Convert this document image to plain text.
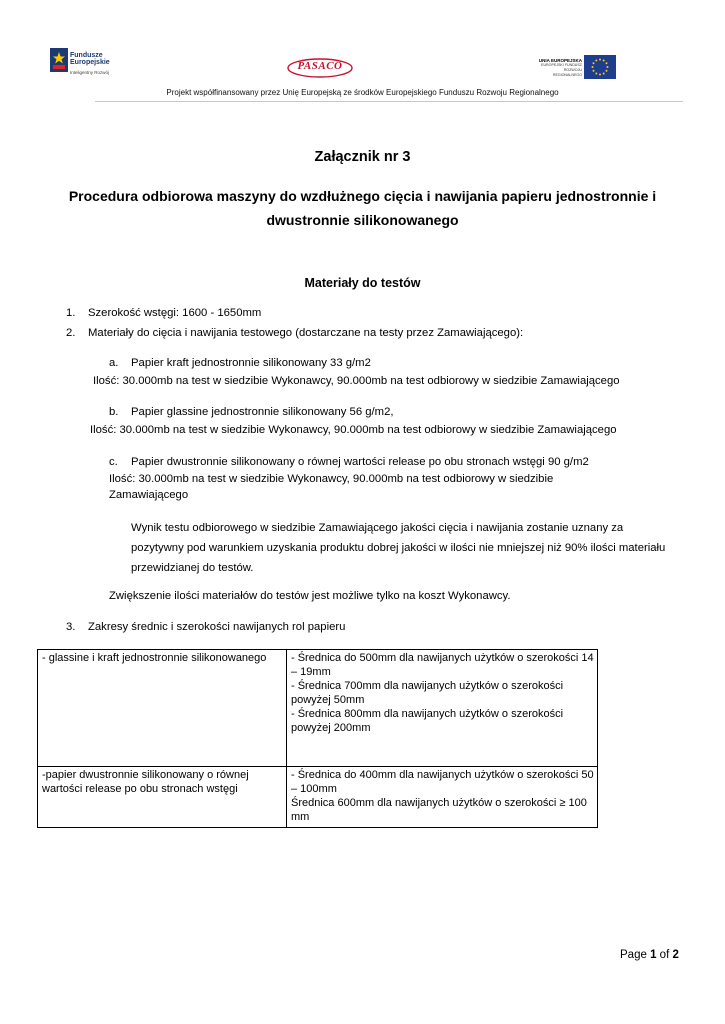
Fundusze
Europejskie
Inteligentny Rozwój
PASACO	UNIA EUROPEJSKA
EUROPEJSKI FUNDUSZ
ROZWOJU REGIONALNEGO
Projekt współfinansowany przez Unię Europejską ze środków Europejskiego Funduszu Rozwoju Regionalnego
Załącznik nr 3
Procedura odbiorowa maszyny do wzdłużnego cięcia i nawijania papieru jednostronnie i dwustronnie silikonowanego
Materiały do testów
1. Szerokość wstęgi: 1600 - 1650mm
2. Materiały do cięcia i nawijania testowego (dostarczane na testy przez Zamawiającego):
a. Papier kraft jednostronnie silikonowany 33 g/m2
Ilość: 30.000mb na test w siedzibie Wykonawcy, 90.000mb na test odbiorowy w siedzibie Zamawiającego
b. Papier glassine jednostronnie silikonowany 56 g/m2,
Ilość: 30.000mb na test w siedzibie Wykonawcy, 90.000mb na test odbiorowy w siedzibie Zamawiającego
c. Papier dwustronnie silikonowany o równej wartości release po obu stronach wstęgi 90 g/m2
Ilość: 30.000mb na test w siedzibie Wykonawcy, 90.000mb na test odbiorowy w siedzibie
Zamawiającego
Wynik testu odbiorowego w siedzibie Zamawiającego jakości cięcia i nawijania zostanie uznany za pozytywny pod warunkiem uzyskania produktu dobrej jakości w ilości nie mniejszej niż 90% ilości materiału przewidzianej do testów.
Zwiększenie ilości materiałów do testów jest możliwe tylko na koszt Wykonawcy.
3. Zakresy średnic i szerokości nawijanych rol papieru
- glassine i kraft jednostronnie silikonowanego	- Średnica do 500mm dla nawijanych użytków o szerokości 14 – 19mm
- Średnica 700mm dla nawijanych użytków o szerokości powyżej 50mm
- Średnica 800mm dla nawijanych użytków o szerokości powyżej 200mm

-papier dwustronnie silikonowany o równej wartości release po obu stronach wstęgi	- Średnica do 400mm dla nawijanych użytków o szerokości 50 – 100mm
Średnica 600mm dla nawijanych użytków o szerokości ≥ 100 mm
Page 1 of 2
